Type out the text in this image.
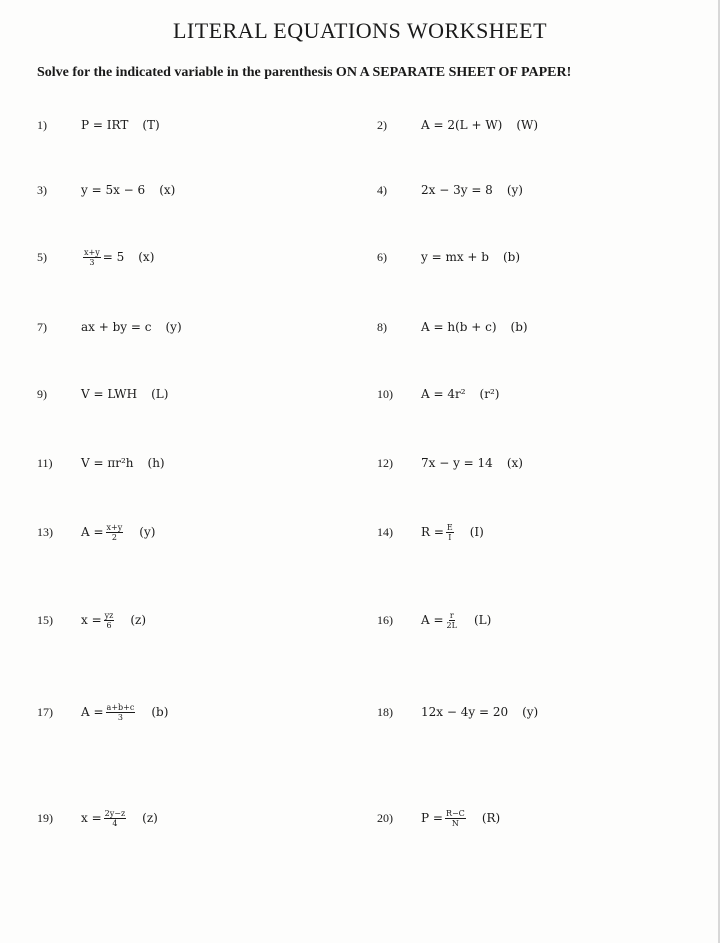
LITERAL EQUATIONS WORKSHEET
Solve for the indicated variable in the parenthesis ON A SEPARATE SHEET OF PAPER!
1)	P = IRT (T)	2)	A = 2(L + W) (W)
3)	y = 5x − 6 (x)	4)	2x − 3y = 8 (y)
5)	$\frac{x+y}{3} = 5$ (x)	6)	y = mx + b (b)
7)	ax + by = c (y)	8)	A = h(b + c) (b)
9)	V = LWH (L)	10)	A = 4r² (r²)
11)	V = πr²h (h)	12)	7x − y = 14 (x)
13)	$A = \frac{x+y}{2} (y)$	14)	$R = \frac{E}{I} (I)$
15)	$x = \frac{yz}{6} (z)$	16)	$A = \frac{r}{2L} (L)$
17)	$A = \frac{a+b+c}{3} (b)$	18)	12x − 4y = 20 (y)
19)	$x = \frac{2y-z}{4} (z)$	20)	$P = \frac{R-C}{N} (R)$
